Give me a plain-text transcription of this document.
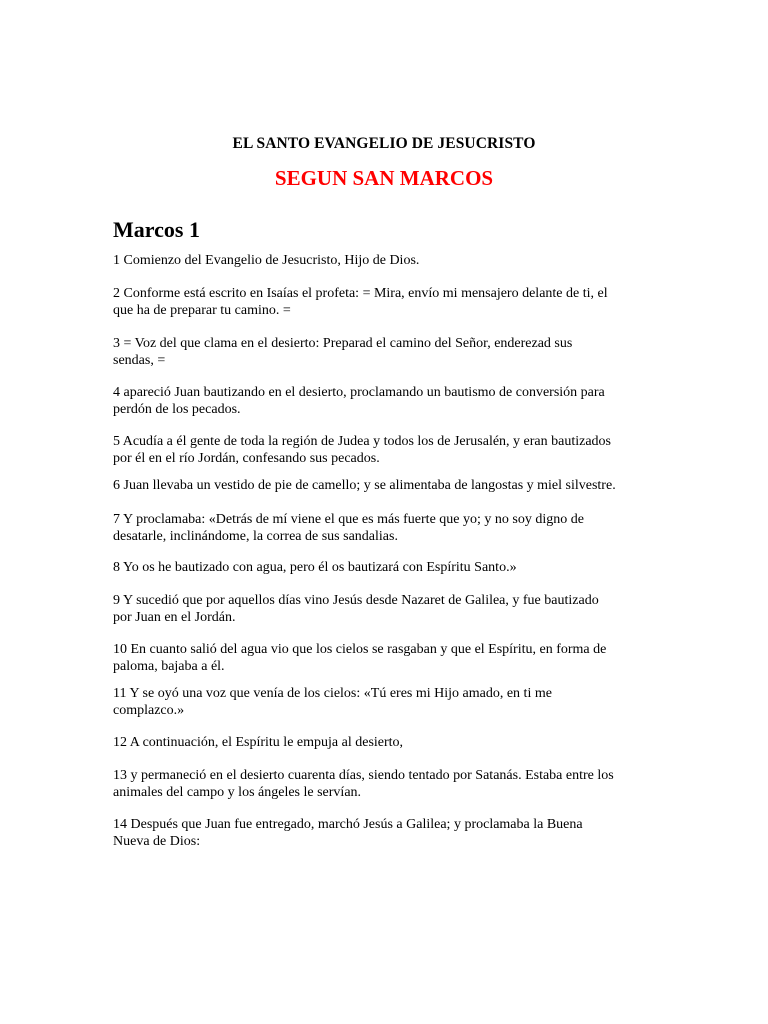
EL SANTO EVANGELIO DE JESUCRISTO
SEGUN SAN MARCOS
Marcos 1
1 Comienzo del Evangelio de Jesucristo, Hijo de Dios.
2 Conforme está escrito en Isaías el profeta: = Mira, envío mi mensajero delante de ti, el
que ha de preparar tu camino. =
3 = Voz del que clama en el desierto: Preparad el camino del Señor, enderezad sus
sendas, =
4 apareció Juan bautizando en el desierto, proclamando un bautismo de conversión para
perdón de los pecados.
5 Acudía a él gente de toda la región de Judea y todos los de Jerusalén, y eran bautizados
por él en el río Jordán, confesando sus pecados.
6 Juan llevaba un vestido de pie de camello; y se alimentaba de langostas y miel silvestre.
7 Y proclamaba: «Detrás de mí viene el que es más fuerte que yo; y no soy digno de
desatarle, inclinándome, la correa de sus sandalias.
8 Yo os he bautizado con agua, pero él os bautizará con Espíritu Santo.»
9 Y sucedió que por aquellos días vino Jesús desde Nazaret de Galilea, y fue bautizado
por Juan en el Jordán.
10 En cuanto salió del agua vio que los cielos se rasgaban y que el Espíritu, en forma de
paloma, bajaba a él.
11 Y se oyó una voz que venía de los cielos: «Tú eres mi Hijo amado, en ti me
complazco.»
12 A continuación, el Espíritu le empuja al desierto,
13 y permaneció en el desierto cuarenta días, siendo tentado por Satanás. Estaba entre los
animales del campo y los ángeles le servían.
14 Después que Juan fue entregado, marchó Jesús a Galilea; y proclamaba la Buena
Nueva de Dios:
